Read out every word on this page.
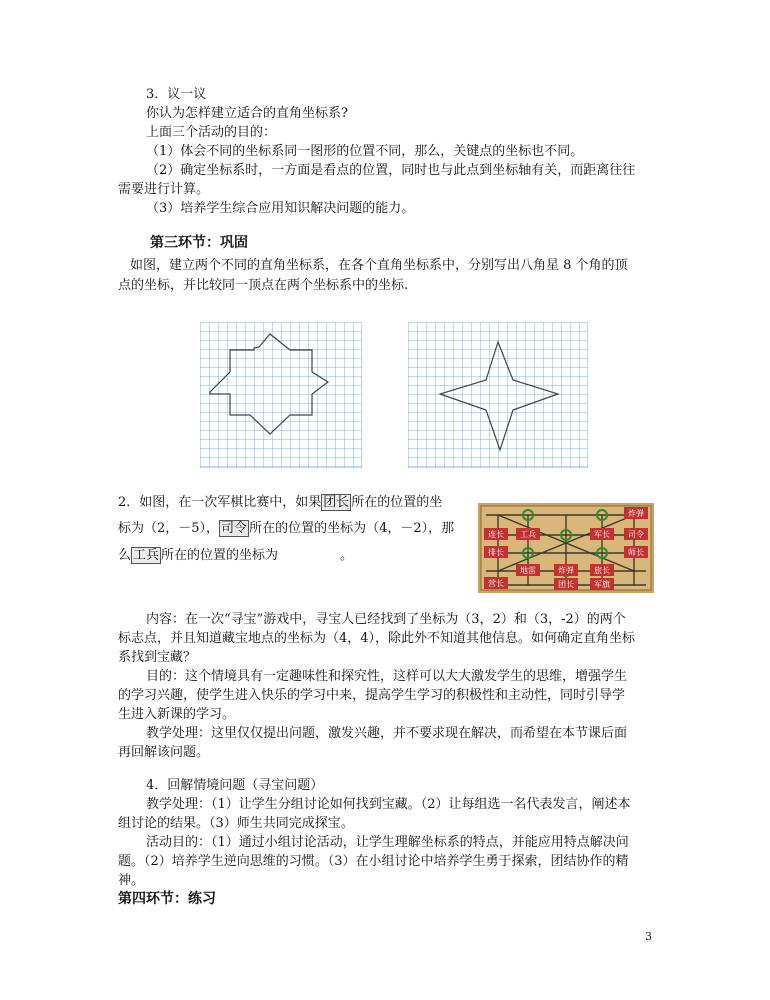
3．议一议
你认为怎样建立适合的直角坐标系?
上面三个活动的目的：
（1）体会不同的坐标系同一图形的位置不同，那么，关键点的坐标也不同。
（2）确定坐标系时，一方面是看点的位置，同时也与此点到坐标轴有关，而距离往往
需要进行计算。
（3）培养学生综合应用知识解决问题的能力。
第三环节：巩固
如图，建立两个不同的直角坐标系，在各个直角坐标系中，分别写出八角星 8 个角的顶
点的坐标，并比较同一顶点在两个坐标系中的坐标.
2．如图，在一次军棋比赛中，如果 团长 所在的位置的坐
标为（2，－5）， 司令 所在的位置的坐标为（4，－2），那
么 工兵 所在的位置的坐标为	。
炸弹
连长 工兵	军长 司令
排长	师长
营长
地雷	炸弹	旅长
团长	军旗
内容：在一次“寻宝”游戏中，寻宝人已经找到了坐标为（3，2）和（3，-2）的两个
标志点，并且知道藏宝地点的坐标为（4，4），除此外不知道其他信息。如何确定直角坐标
系找到宝藏？
目的：这个情境具有一定趣味性和探究性，这样可以大大激发学生的思维，增强学生
的学习兴趣，使学生进入快乐的学习中来，提高学生学习的积极性和主动性，同时引导学
生进入新课的学习。
教学处理：这里仅仅提出问题，激发兴趣，并不要求现在解决，而希望在本节课后面
再回解该问题。
4．回解情境问题（寻宝问题）
教学处理：（1）让学生分组讨论如何找到宝藏。（2）让每组选一名代表发言，阐述本
组讨论的结果。（3）师生共同完成探宝。
活动目的：（1）通过小组讨论活动，让学生理解坐标系的特点，并能应用特点解决问
题。（2）培养学生逆向思维的习惯。（3）在小组讨论中培养学生勇于探索，团结协作的精
神。
第四环节：练习
3
